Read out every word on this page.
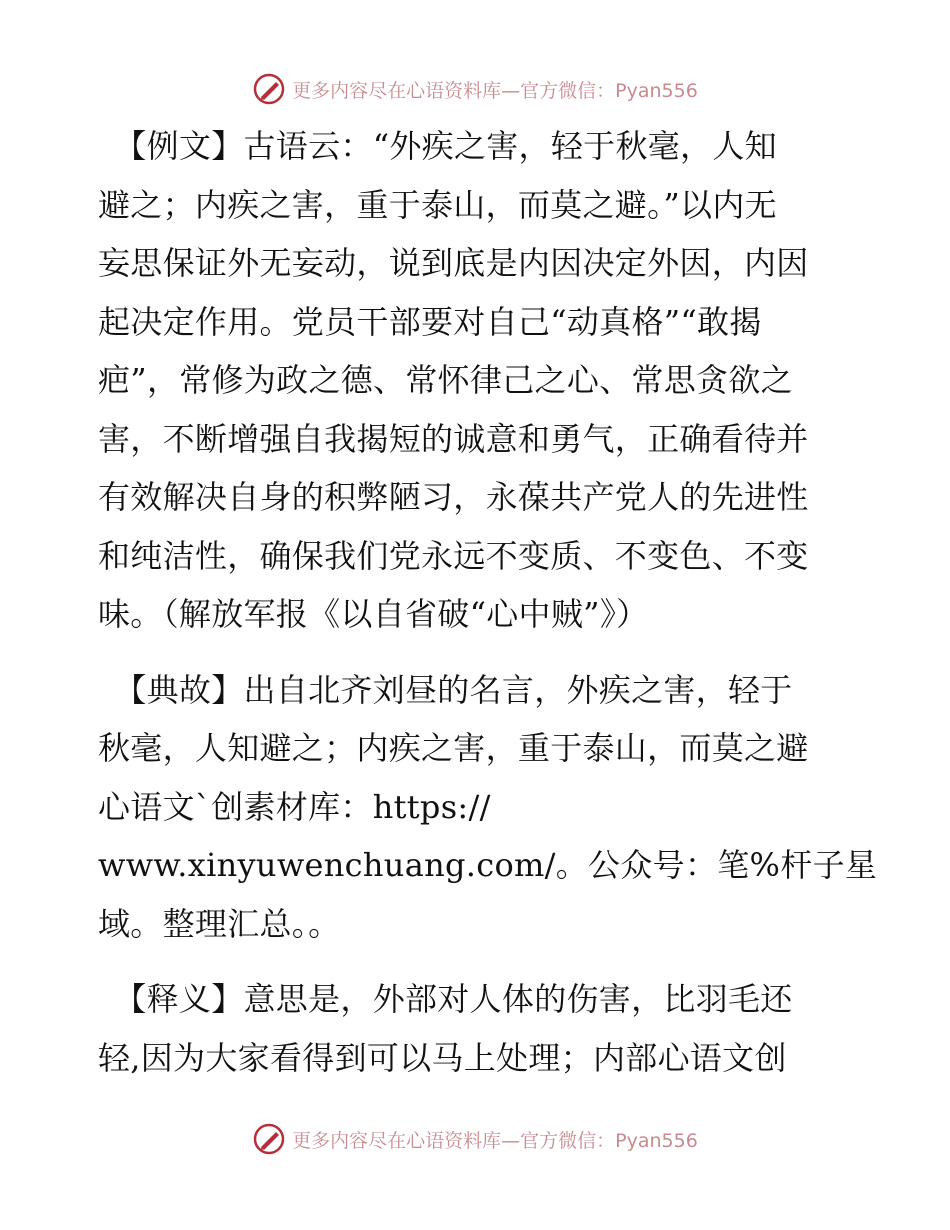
更多内容尽在心语资料库—官方微信：Pyan556
　【例文】古语云：“外疾之害，轻于秋毫，人知
避之；内疾之害，重于泰山，而莫之避。”以内无
妄思保证外无妄动，说到底是内因决定外因，内因
起决定作用。党员干部要对自己“动真格”“敢揭
疤”，常修为政之德、常怀律己之心、常思贪欲之
害，不断增强自我揭短的诚意和勇气，正确看待并
有效解决自身的积弊陋习，永葆共产党人的先进性
和纯洁性，确保我们党永远不变质、不变色、不变
味。（解放军报《以自省破“心中贼”》）
　【典故】出自北齐刘昼的名言，外疾之害，轻于
秋毫，人知避之；内疾之害，重于泰山，而莫之避
心语文`创素材库：https://
www.xinyuwenchuang.com/。公众号：笔%杆子星
域。整理汇总。。
　【释义】意思是，外部对人体的伤害，比羽毛还
轻,因为大家看得到可以马上处理；内部心语文创
更多内容尽在心语资料库—官方微信：Pyan556
